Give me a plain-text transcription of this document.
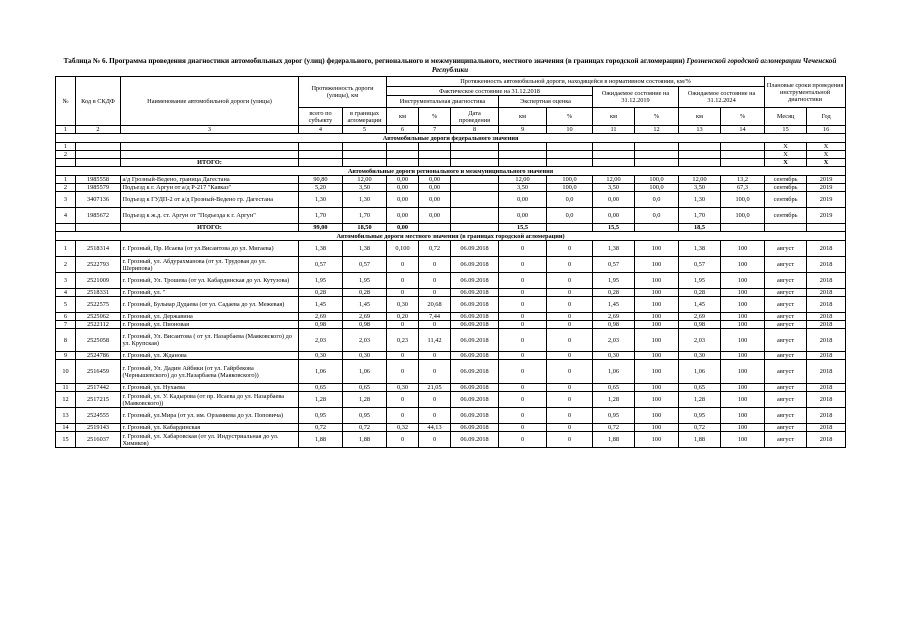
Таблица № 6. Программа проведения диагностики автомобильных дорог (улиц) федерального, регионального и межмуниципального, местного значения (в границах городской агломерации) Грозненской городской агломерации Чеченской Республики
№	Код в СКДФ	Наименование автомобильной дороги (улицы)	Протяженность дороги (улицы), км		Протяженность автомобильной дороги, находящейся в нормативном состоянии, км/%									Плановые сроки проведения инструментальной диагностики	
					Фактическое состояние на 31.12.2018					Ожидаемое состояние на 31.12.2019		Ожидаемое состояние на 31.12.2024			
					Инструментальная диагностика			Экспертная оценка							
			всего по субъекту	в границах агломерации	км	%	Дата проведения	км	%	км	%	км	%	Месяц	Год
1	2	3	4	5	6	7	8	9	10	11	12	13	14	15	16
Автомобильные дороги федерального значения															
1														Х	Х
2														Х	Х
		ИТОГО:												Х	Х
Автомобильные дороги регионального и межмуниципального значения															
1	1985558	а/д Грозный-Ведено, граница Дагестана	90,80	12,00	0,00	0,00		12,00	100,0	12,00	100,0	12,00	13,2	сентябрь	2019
2	1985579	Подъезд к г. Аргун от а/д Р-217 "Кавказ"	5,20	3,50	0,00	0,00		3,50	100,0	3,50	100,0	3,50	67,3	сентябрь	2019
3	3407136	Подъезд к ГУДП-2 от а/д Грозный-Ведено гр. Дагестана	1,30	1,30	0,00	0,00		0,00	0,0	0,00	0,0	1,30	100,0	сентябрь	2019
4	1985672	Подъезд к ж.д. ст. Аргун от "Подъезда к г. Аргун"	1,70	1,70	0,00	0,00		0,00	0,0	0,00	0,0	1,70	100,0	сентябрь	2019
		ИТОГО:	99,00	18,50	0,00			15,5		15,5		18,5			
Автомобильные дороги местного значения (в границах городской агломерации)															
1	2518314	г. Грозный, Пр. Исаева (от ул.Висаитова до ул. Мигаева)	1,38	1,38	0,100	0,72	06.09.2018	0	0	1,38	100	1,38	100	август	2018
2	2522793	г. Грозный, ул. Абдурахманова (от ул. Трудовая до ул. Шерипова)	0,57	0,57	0	0	06.09.2018	0	0	0,57	100	0,57	100	август	2018
3	2521009	г. Грозный, Ул. Трошева (от ул. Кабардинская до ул. Кутузова)	1,95	1,95	0	0	06.09.2018	0	0	1,95	100	1,95	100	август	2018
4	2518331	г. Грозный, ул. "	0,28	0,28	0	0	06.09.2018	0	0	0,28	100	0,28	100	август	2018
5	2522575	г. Грозный, Бульвар Дудаева (от ул. Садаева до ул. Межевая)	1,45	1,45	0,30	20,68	06.09.2018	0	0	1,45	100	1,45	100	август	2018
6	2525062	г. Грозный, ул. Державина	2,69	2,69	0,20	7,44	06.09.2018	0	0	2,69	100	2,69	100	август	2018
7	2522112	г. Грозный, ул. Пионовая	0,98	0,98	0	0	06.09.2018	0	0	0,98	100	0,98	100	август	2018
8	2525058	г. Грозный, Ул. Висаитова ( от ул. Назарбаева (Маяковского) до ул. Крупская)	2,03	2,03	0,23	11,42	06.09.2018	0	0	2,03	100	2,03	100	август	2018
9	2524786	г. Грозный, ул. Жданова	0,30	0,30	0	0	06.09.2018	0	0	0,30	100	0,30	100	август	2018
10	2516459	г. Грозный, Ул. Дадин Айбики (от ул. Гайрбекова (Чернышевского) до ул.Назарбаева (Маяковского))	1,06	1,06	0	0	06.09.2018	0	0	1,06	100	1,06	100	август	2018
11	2517442	г. Грозный, ул. Нухаева	0,65	0,65	0,30	21,05	06.09.2018	0	0	0,65	100	0,65	100	август	2018
12	2517215	г. Грозный, ул. У. Кадырова (от пр. Исаева до ул. Назарбаева (Маяковского))	1,28	1,28	0	0	06.09.2018	0	0	1,28	100	1,28	100	август	2018
13	2524555	г. Грозный, ул.Мира (от ул. им. Орзамиева до ул. Поповича)	0,95	0,95	0	0	06.09.2018	0	0	0,95	100	0,95	100	август	2018
14	2519143	г. Грозный, ул. Кабардинская	0,72	0,72	0,32	44,13	06.09.2018	0	0	0,72	100	0,72	100	август	2018
15	2516037	г. Грозный, ул. Хабаровская (от ул. Индустриальная до ул. Химиков)	1,88	1,88	0	0	06.09.2018	0	0	1,88	100	1,88	100	август	2018
